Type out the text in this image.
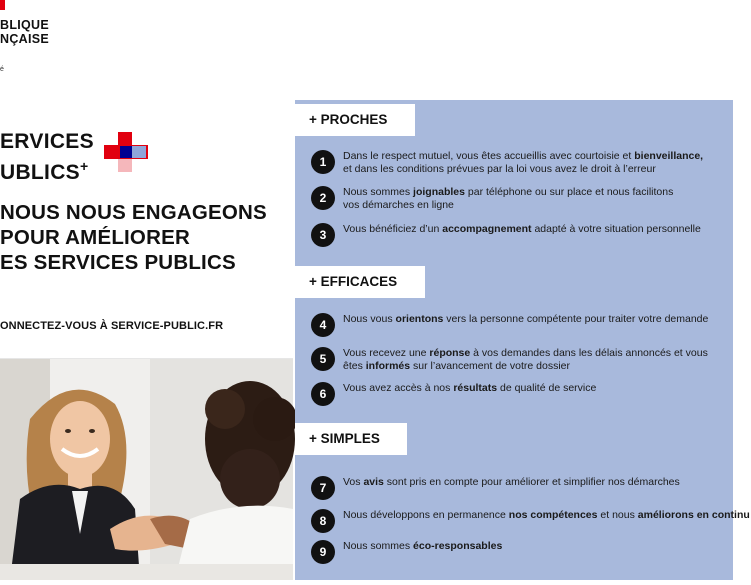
BLIQUE
NÇAISE
é
ERVICES
UBLICS+
NOUS NOUS ENGAGEONS
POUR AMÉLIORER
ES SERVICES PUBLICS
ONNECTEZ-VOUS À SERVICE-PUBLIC.FR
+ PROCHES
1	Dans le respect mutuel, vous êtes accueillis avec courtoisie et bienveillance,
et dans les conditions prévues par la loi vous avez le droit à l’erreur
2	Nous sommes joignables par téléphone ou sur place et nous facilitons
vos démarches en ligne
3	Vous bénéficiez d’un accompagnement adapté à votre situation personnelle
+ EFFICACES
4	Nous vous orientons vers la personne compétente pour traiter votre demande
5	Vous recevez une réponse à vos demandes dans les délais annoncés et vous
êtes informés sur l’avancement de votre dossier
6	Vous avez accès à nos résultats de qualité de service
+ SIMPLES
7	Vos avis sont pris en compte pour améliorer et simplifier nos démarches
8	Nous développons en permanence nos compétences et nous améliorons en continu
9	Nous sommes éco-responsables
